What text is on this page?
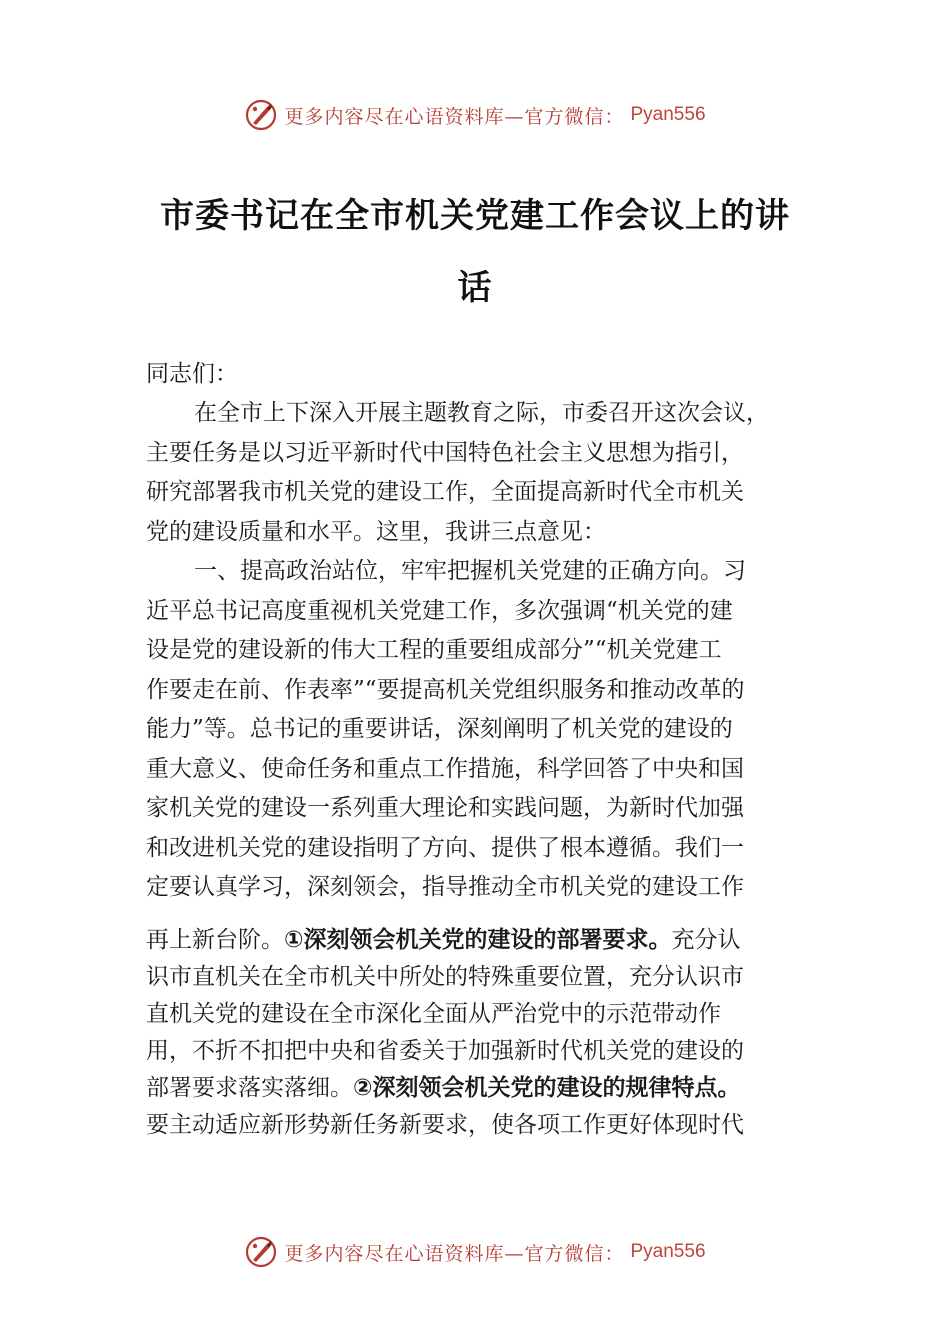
更多内容尽在心语资料库—官方微信： Pyan556
市委书记在全市机关党建工作会议上的讲
话
同志们：
在全市上下深入开展主题教育之际，市委召开这次会议，

主要任务是以习近平新时代中国特色社会主义思想为指引，
研究部署我市机关党的建设工作，全面提高新时代全市机关
党的建设质量和水平。这里，我讲三点意见：
一、提高政治站位，牢牢把握机关党建的正确方向。习

近平总书记高度重视机关党建工作，多次强调“机关党的建
设是党的建设新的伟大工程的重要组成部分”“机关党建工
作要走在前、作表率”“要提高机关党组织服务和推动改革的
能力”等。总书记的重要讲话，深刻阐明了机关党的建设的
重大意义、使命任务和重点工作措施，科学回答了中央和国
家机关党的建设一系列重大理论和实践问题，为新时代加强
和改进机关党的建设指明了方向、提供了根本遵循。我们一
定要认真学习，深刻领会，指导推动全市机关党的建设工作
再上新台阶。①深刻领会机关党的建设的部署要求。充分认
识市直机关在全市机关中所处的特殊重要位置，充分认识市
直机关党的建设在全市深化全面从严治党中的示范带动作
用，不折不扣把中央和省委关于加强新时代机关党的建设的
部署要求落实落细。②深刻领会机关党的建设的规律特点。
要主动适应新形势新任务新要求，使各项工作更好体现时代
更多内容尽在心语资料库—官方微信： Pyan556
